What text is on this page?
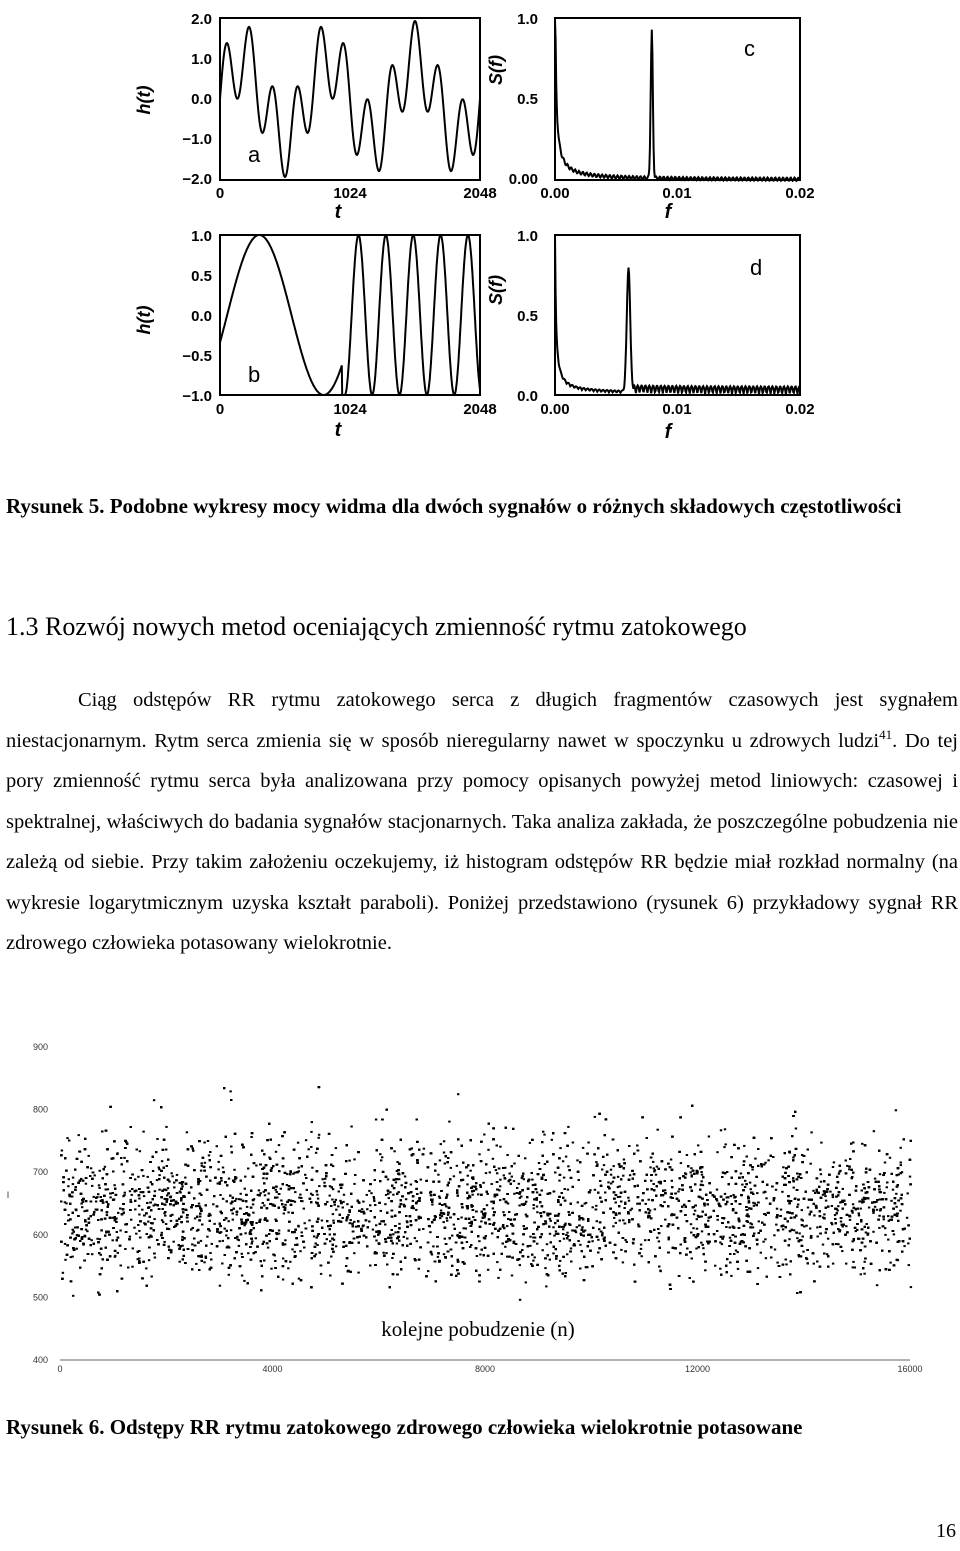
2.0
1.0
0.0
−1.0
−2.0
0	1024	2048
t
h(t)
a
1.0
0.5
0.00
0.00	0.01	0.02
f
S(f)
c
1.0
0.5
0.0
−0.5
−1.0
0	1024	2048
t
h(t)
b
1.0
0.5
0.0
0.00	0.01	0.02
f
S(f)
d
Rysunek 5. Podobne wykresy mocy widma dla dwóch sygnałów o różnych składowych częstotliwości
1.3 Rozwój nowych metod oceniających zmienność rytmu zatokowego
Ciąg odstępów RR rytmu zatokowego serca z długich fragmentów czasowych jest sygnałem niestacjonarnym. Rytm serca zmienia się w sposób nieregularny nawet w spoczynku u zdrowych ludzi$^{41}$. Do tej pory zmienność rytmu serca była analizowana przy pomocy opisanych powyżej metod liniowych: czasowej i spektralnej, właściwych do badania sygnałów stacjonarnych. Taka analiza zakłada, że poszczególne pobudzenia nie zależą od siebie. Przy takim założeniu oczekujemy, iż histogram odstępów RR będzie miał rozkład normalny (na wykresie logarytmicznym uzyska kształt paraboli). Poniżej przedstawiono (rysunek 6) przykładowy sygnał RR zdrowego człowieka potasowany wielokrotnie.
0	4000	8000	12000	16000
900
800
700
600
500
400
I
kolejne pobudzenie (n)
Rysunek 6. Odstępy RR rytmu zatokowego zdrowego człowieka wielokrotnie potasowane
16
